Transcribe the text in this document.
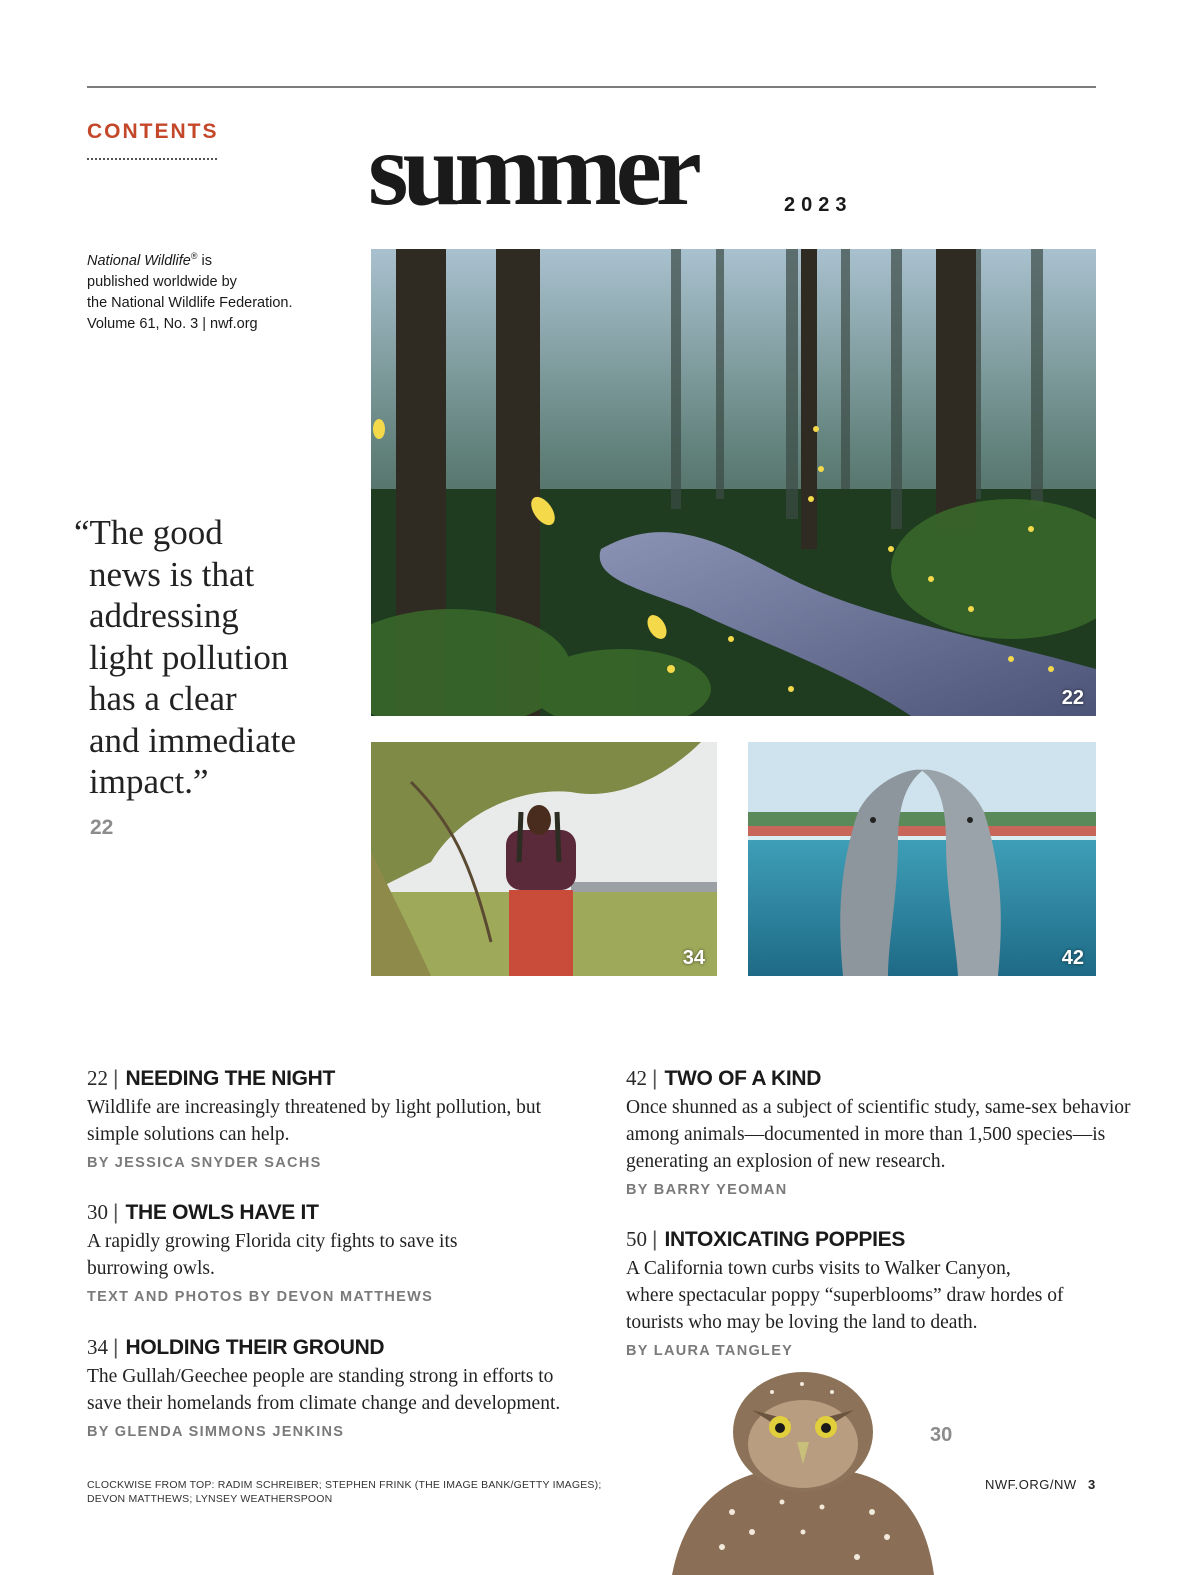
CONTENTS summer	2023
National Wildlife® is
published worldwide by
the National Wildlife Federation.
Volume 61, No. 3 | nwf.org
“The good
news is that
addressing
light pollution
has a clear
and immediate
impact.”
22
22
34	42
22 | NEEDING THE NIGHT
Wildlife are increasingly threatened by light pollution, but
simple solutions can help.
BY JESSICA SNYDER SACHS
30 | THE OWLS HAVE IT
A rapidly growing Florida city fights to save its
burrowing owls.
TEXT AND PHOTOS BY DEVON MATTHEWS
34 | HOLDING THEIR GROUND
The Gullah/Geechee people are standing strong in efforts to
save their homelands from climate change and development.
BY GLENDA SIMMONS JENKINS
42 | TWO OF A KIND
Once shunned as a subject of scientific study, same-sex behavior
among animals—documented in more than 1,500 species—is
generating an explosion of new research.
BY BARRY YEOMAN
50 | INTOXICATING POPPIES
A California town curbs visits to Walker Canyon,
where spectacular poppy “superblooms” draw hordes of
tourists who may be loving the land to death.
BY LAURA TANGLEY
30
CLOCKWISE FROM TOP: RADIM SCHREIBER; STEPHEN FRINK (THE IMAGE BANK/GETTY IMAGES);
DEVON MATTHEWS; LYNSEY WEATHERSPOON
NWF.ORG/NW 3
